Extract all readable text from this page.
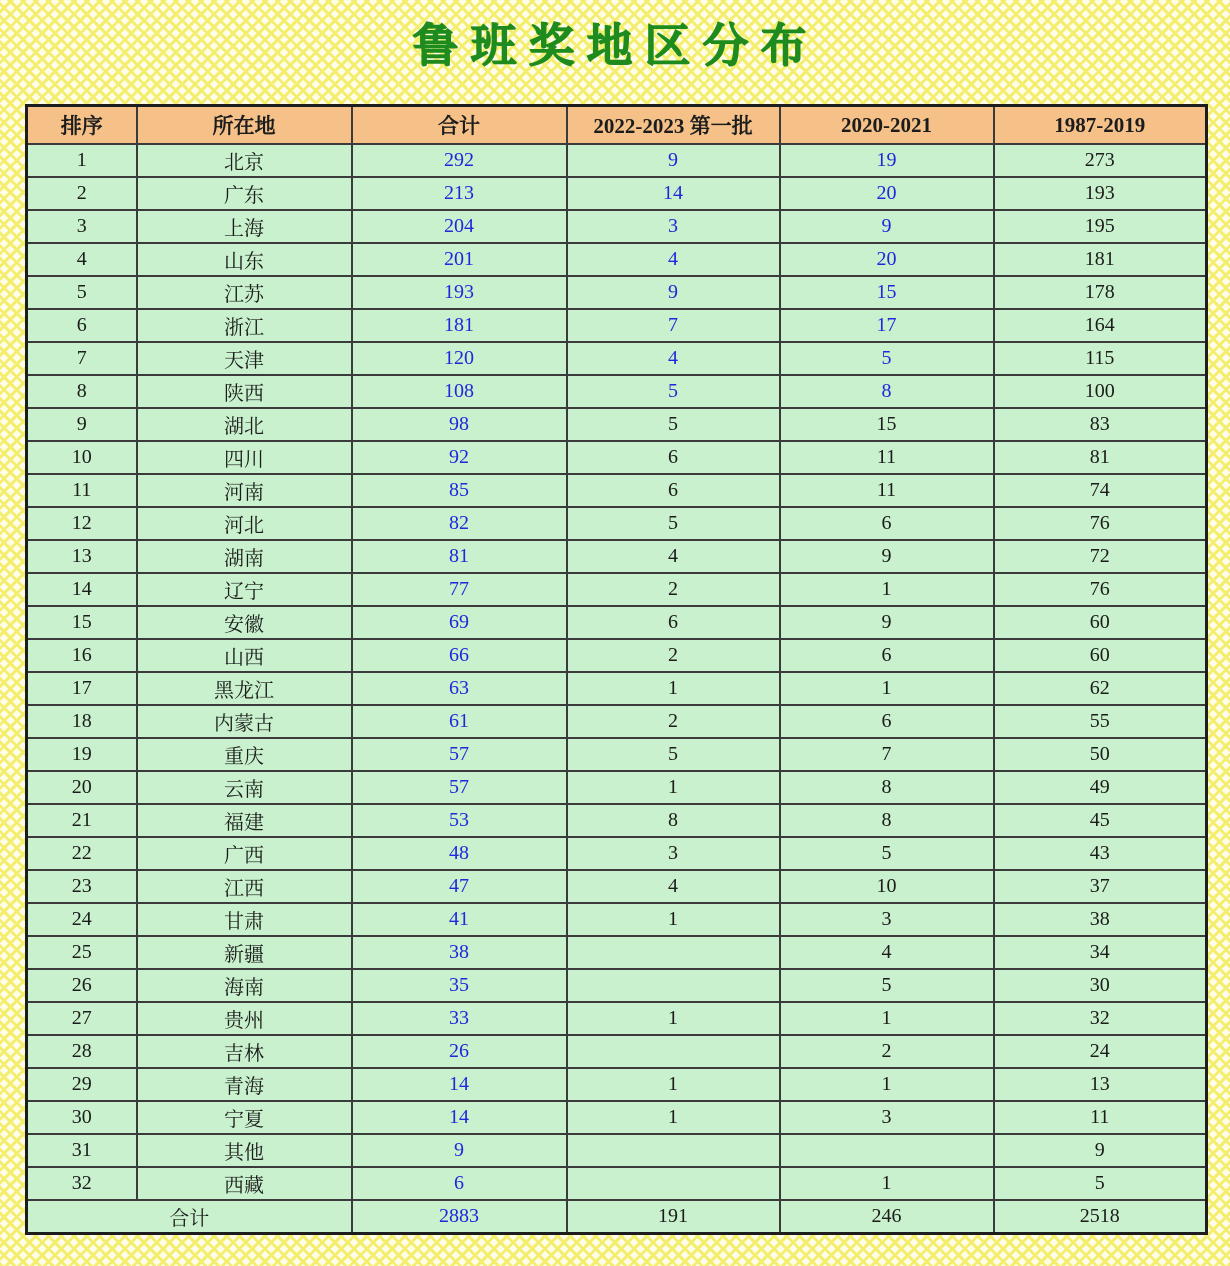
鲁班奖地区分布
排序	所在地	合计	2022-2023 第一批	2020-2021	1987-2019
1	北京	292	9	19	273
2	广东	213	14	20	193
3	上海	204	3	9	195
4	山东	201	4	20	181
5	江苏	193	9	15	178
6	浙江	181	7	17	164
7	天津	120	4	5	115
8	陕西	108	5	8	100
9	湖北	98	5	15	83
10	四川	92	6	11	81
11	河南	85	6	11	74
12	河北	82	5	6	76
13	湖南	81	4	9	72
14	辽宁	77	2	1	76
15	安徽	69	6	9	60
16	山西	66	2	6	60
17	黑龙江	63	1	1	62
18	内蒙古	61	2	6	55
19	重庆	57	5	7	50
20	云南	57	1	8	49
21	福建	53	8	8	45
22	广西	48	3	5	43
23	江西	47	4	10	37
24	甘肃	41	1	3	38
25	新疆	38		4	34
26	海南	35		5	30
27	贵州	33	1	1	32
28	吉林	26		2	24
29	青海	14	1	1	13
30	宁夏	14	1	3	11
31	其他	9			9
32	西藏	6		1	5
合计		2883	191	246	2518
